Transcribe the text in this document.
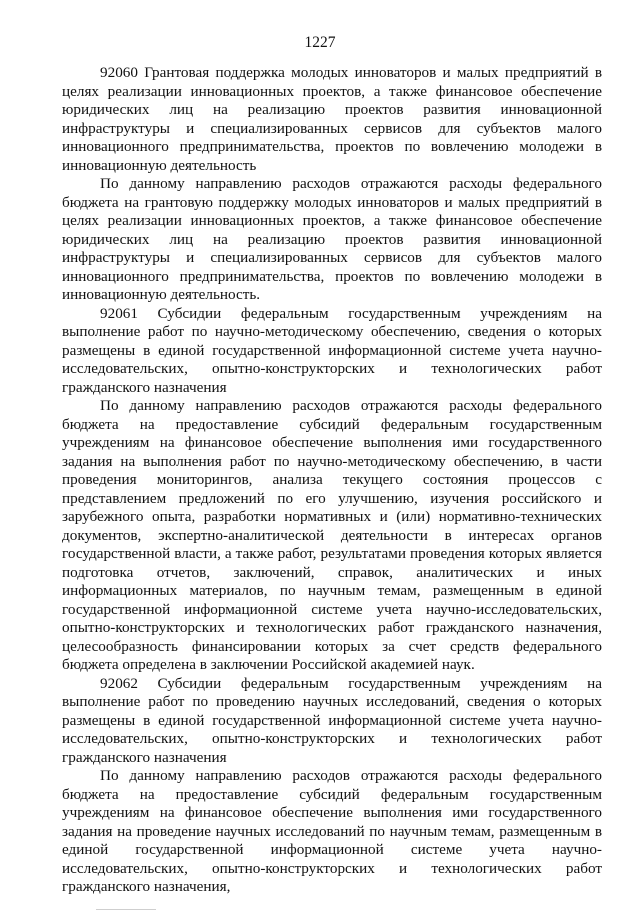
1227

92060 Грантовая поддержка молодых инноваторов и малых предприятий в целях реализации инновационных проектов, а также финансовое обеспечение юридических лиц на реализацию проектов развития инновационной инфраструктуры и специализированных сервисов для субъектов малого инновационного предпринимательства, проектов по вовлечению молодежи в инновационную деятельность

По данному направлению расходов отражаются расходы федерального бюджета на грантовую поддержку молодых инноваторов и малых предприятий в целях реализации инновационных проектов, а также финансовое обеспечение юридических лиц на реализацию проектов развития инновационной инфраструктуры и специализированных сервисов для субъектов малого инновационного предпринимательства, проектов по вовлечению молодежи в инновационную деятельность.

92061 Субсидии федеральным государственным учреждениям на выполнение работ по научно-методическому обеспечению, сведения о которых размещены в единой государственной информационной системе учета научно-исследовательских, опытно-конструкторских и технологических работ гражданского назначения

По данному направлению расходов отражаются расходы федерального бюджета на предоставление субсидий федеральным государственным учреждениям на финансовое обеспечение выполнения ими государственного задания на выполнения работ по научно-методическому обеспечению, в части проведения мониторингов, анализа текущего состояния процессов с представлением предложений по его улучшению, изучения российского и зарубежного опыта, разработки нормативных и (или) нормативно-технических документов, экспертно-аналитической деятельности в интересах органов государственной власти, а также работ, результатами проведения которых является подготовка отчетов, заключений, справок, аналитических и иных информационных материалов, по научным темам, размещенным в единой государственной информационной системе учета научно-исследовательских, опытно-конструкторских и технологических работ гражданского назначения, целесообразность финансировании которых за счет средств федерального бюджета определена в заключении Российской академией наук.

92062 Субсидии федеральным государственным учреждениям на выполнение работ по проведению научных исследований, сведения о которых размещены в единой государственной информационной системе учета научно-исследовательских, опытно-конструкторских и технологических работ гражданского назначения

По данному направлению расходов отражаются расходы федерального бюджета на предоставление субсидий федеральным государственным учреждениям на финансовое обеспечение выполнения ими государственного задания на проведение научных исследований по научным темам, размещенным в единой государственной информационной системе учета научно-исследовательских, опытно-конструкторских и технологических работ гражданского назначения,
